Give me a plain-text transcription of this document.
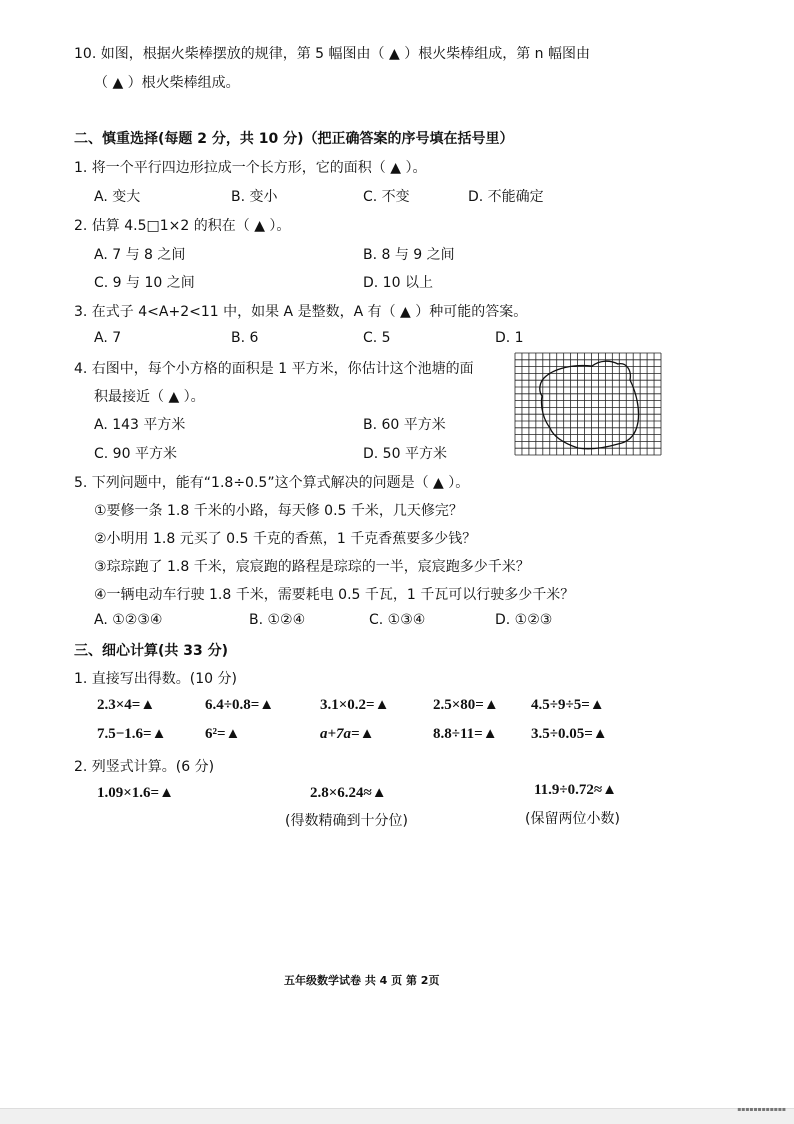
10. 如图，根据火柴棒摆放的规律，第 5 幅图由（ ▲ ）根火柴棒组成，第 n 幅图由
（ ▲ ）根火柴棒组成。
二、慎重选择(每题 2 分，共 10 分)（把正确答案的序号填在括号里）
1. 将一个平行四边形拉成一个长方形，它的面积（ ▲ ）。
A. 变大	B. 变小	C. 不变	D. 不能确定
2. 估算 4.5□1×2 的积在（ ▲ ）。
A. 7 与 8 之间	B. 8 与 9 之间
C. 9 与 10 之间	D. 10 以上
3. 在式子 4<A+2<11 中，如果 A 是整数，A 有（ ▲ ）种可能的答案。
A. 7	B. 6	C. 5	D. 1
4. 右图中，每个小方格的面积是 1 平方米，你估计这个池塘的面
积最接近（ ▲ ）。
A. 143 平方米	B. 60 平方米
C. 90 平方米	D. 50 平方米
5. 下列问题中，能有“1.8÷0.5”这个算式解决的问题是（ ▲ ）。
①要修一条 1.8 千米的小路，每天修 0.5 千米，几天修完？
②小明用 1.8 元买了 0.5 千克的香蕉，1 千克香蕉要多少钱？
③琮琮跑了 1.8 千米，宸宸跑的路程是琮琮的一半，宸宸跑多少千米？
④一辆电动车行驶 1.8 千米，需要耗电 0.5 千瓦，1 千瓦可以行驶多少千米？
A. ①②③④	B. ①②④	C. ①③④	D. ①②③
三、细心计算(共 33 分)
1. 直接写出得数。(10 分)
2.3×4=▲	6.4÷0.8=▲	3.1×0.2=▲	2.5×80=▲ 4.5÷9÷5=▲
7.5−1.6=▲	6²=▲	a+7a=▲	8.8÷11=▲ 3.5÷0.05=▲
2. 列竖式计算。(6 分)
1.09×1.6=▲	2.8×6.24≈▲	11.9÷0.72≈▲
(得数精确到十分位)	(保留两位小数)
五年级数学试卷 共 4 页 第 2页
▪▪▪▪▪▪▪▪▪▪▪▪
